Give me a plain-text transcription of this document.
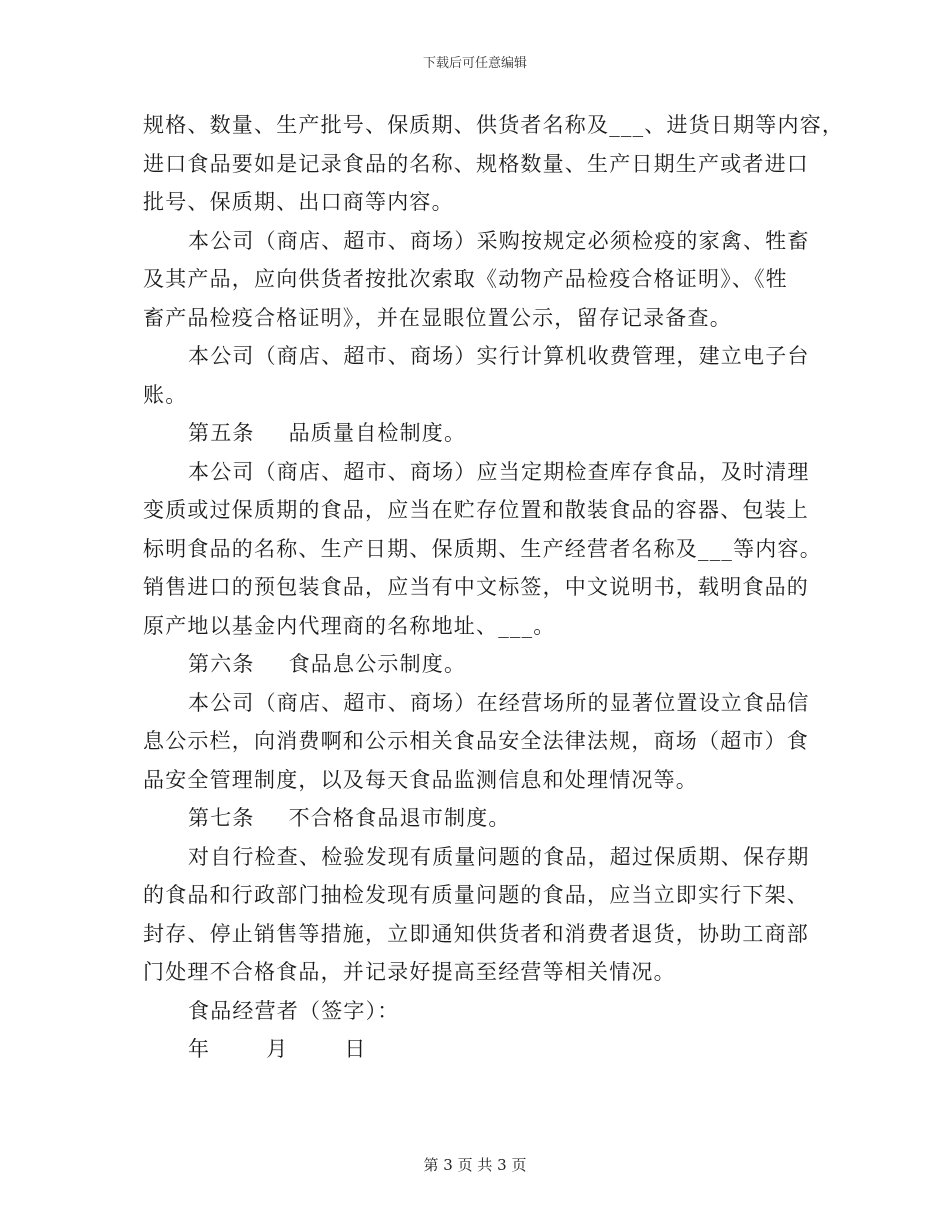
下载后可任意编辑
规格、数量、生产批号、保质期、供货者名称及___、进货日期等内容，
进口食品要如是记录食品的名称、规格数量、生产日期生产或者进口
批号、保质期、出口商等内容。
本公司（商店、超市、商场）采购按规定必须检疫的家禽、牲畜
及其产品，应向供货者按批次索取《动物产品检疫合格证明》、《牲
畜产品检疫合格证明》，并在显眼位置公示，留存记录备查。
本公司（商店、超市、商场）实行计算机收费管理，建立电子台
账。
第五条 品质量自检制度。
本公司（商店、超市、商场）应当定期检查库存食品，及时清理
变质或过保质期的食品，应当在贮存位置和散装食品的容器、包装上
标明食品的名称、生产日期、保质期、生产经营者名称及___等内容。
销售进口的预包装食品，应当有中文标签，中文说明书，载明食品的
原产地以基金内代理商的名称地址、___。
第六条 食品息公示制度。
本公司（商店、超市、商场）在经营场所的显著位置设立食品信
息公示栏，向消费啊和公示相关食品安全法律法规，商场（超市）食
品安全管理制度，以及每天食品监测信息和处理情况等。
第七条 不合格食品退市制度。
对自行检查、检验发现有质量问题的食品，超过保质期、保存期
的食品和行政部门抽检发现有质量问题的食品，应当立即实行下架、
封存、停止销售等措施，立即通知供货者和消费者退货，协助工商部
门处理不合格食品，并记录好提高至经营等相关情况。
食品经营者（签字）：
年	月	日
第 3 页 共 3 页
